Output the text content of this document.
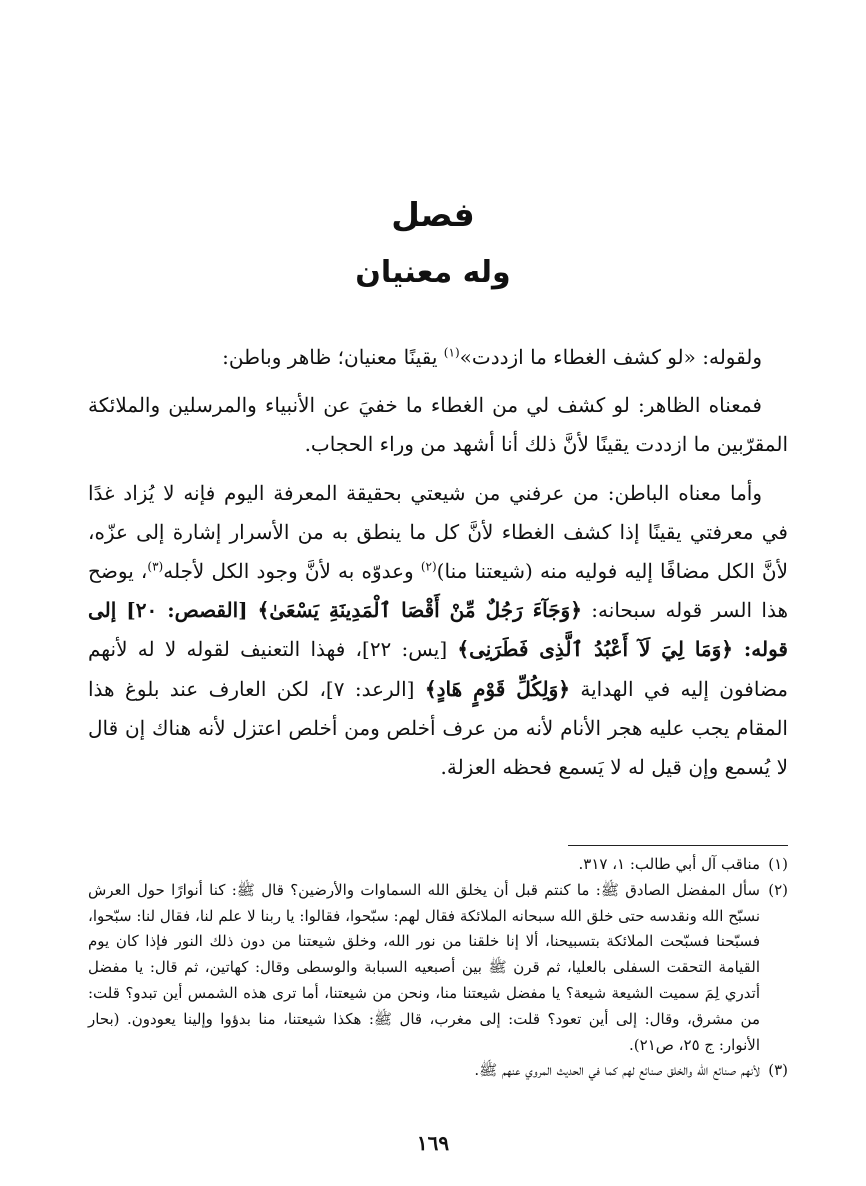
فصل
وله معنيان

ولقوله: «لو كشف الغطاء ما ازددت»$^{(١)}$ يقينًا معنيان؛ ظاهر وباطن:

فمعناه الظاهر: لو كشف لي من الغطاء ما خفيَ عن الأنبياء والمرسلين والملائكة المقرّبين ما ازددت يقينًا لأنَّ ذلك أنا أشهد من وراء الحجاب.

وأما معناه الباطن: من عرفني من شيعتي بحقيقة المعرفة اليوم فإنه لا يُزاد غدًا في معرفتي يقينًا إذا كشف الغطاء لأنَّ كل ما ينطق به من الأسرار إشارة إلى عزّه، لأنَّ الكل مضافًا إليه فوليه منه (شيعتنا منا)$^{(٢)}$ وعدوّه به لأنَّ وجود الكل لأجله$^{(٣)}$، يوضح هذا السر قوله سبحانه: ﴿وَجَآءَ رَجُلٌ مِّنْ أَقْصَا ٱلْمَدِينَةِ يَسْعَىٰ﴾ [القصص: ٢٠] إلى قوله: ﴿وَمَا لِيَ لَآ أَعْبُدُ ٱلَّذِى فَطَرَنِى﴾ [يس: ٢٢]، فهذا التعنيف لقوله لا له لأنهم مضافون إليه في الهداية ﴿وَلِكُلِّ قَوْمٍ هَادٍ﴾ [الرعد: ٧]، لكن العارف عند بلوغ هذا المقام يجب عليه هجر الأنام لأنه من عرف أخلص ومن أخلص اعتزل لأنه هناك إن قال لا يُسمع وإن قيل له لا يَسمع فحظه العزلة.

(١)
مناقب آل أبي طالب: ١، ٣١٧.
(٢)
سأل المفضل الصادق ﷺ: ما كنتم قبل أن يخلق الله السماوات والأرضين؟ قال ﷺ: كنا أنوارًا حول العرش نسبّح الله ونقدسه حتى خلق الله سبحانه الملائكة فقال لهم: سبّحوا، فقالوا: يا ربنا لا علم لنا، فقال لنا: سبّحوا، فسبّحنا فسبّحت الملائكة بتسبيحنا، ألا إنا خلقنا من نور الله، وخلق شيعتنا من دون ذلك النور فإذا كان يوم القيامة التحقت السفلى بالعليا، ثم قرن ﷺ بين أصبعيه السبابة والوسطى وقال: كهاتين، ثم قال: يا مفضل أتدري لِمَ سميت الشيعة شيعة؟ يا مفضل شيعتنا منا، ونحن من شيعتنا، أما ترى هذه الشمس أين تبدو؟ قلت: من مشرق، وقال: إلى أين تعود؟ قلت: إلى مغرب، قال ﷺ: هكذا شيعتنا، منا بدؤوا وإلينا يعودون. (بحار الأنوار: ج ٢٥، ص٢١).
(٣)
لأنهم صنائع الله والخلق صنائع لهم كما في الحديث المروي عنهم ﷺ.
١٦٩
